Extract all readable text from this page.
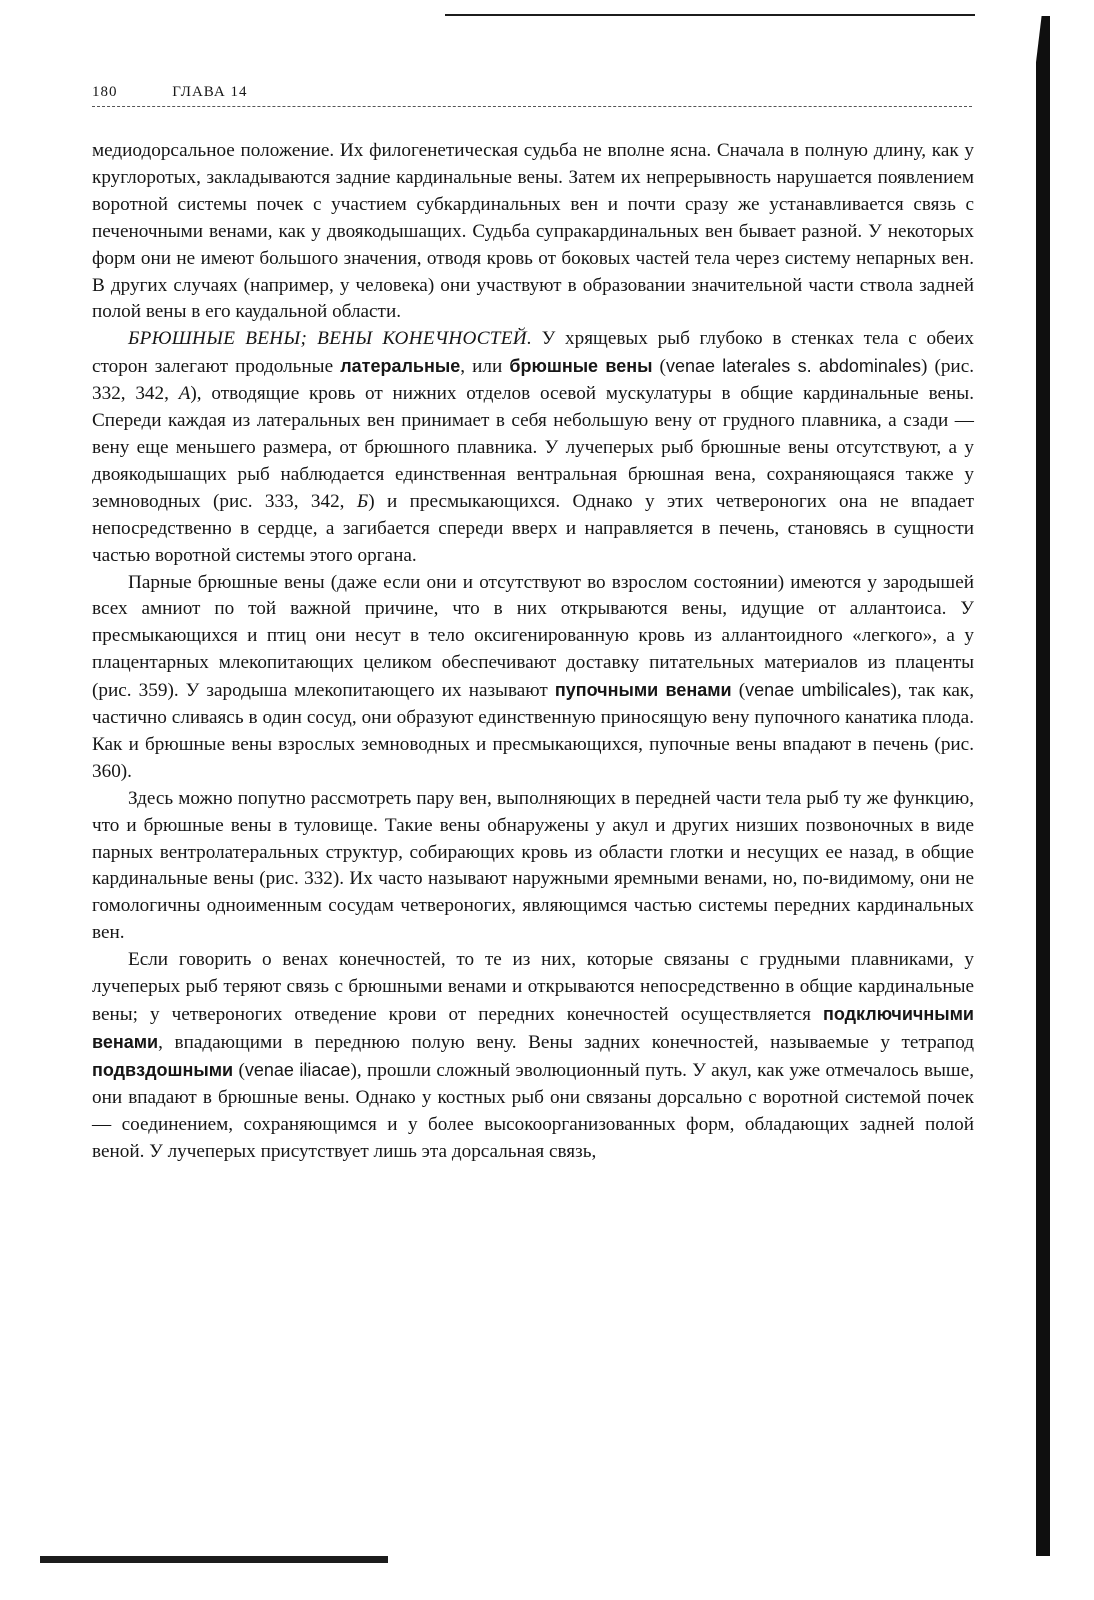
180	ГЛАВА 14

медиодорсальное положение. Их филогенетическая судьба не вполне ясна. Сначала в полную длину, как у круглоротых, закладываются задние кардинальные вены. Затем их непрерывность нарушается появлением воротной системы почек с участием субкардинальных вен и почти сразу же устанавливается связь с печеночными венами, как у двоякодышащих. Судьба супракардинальных вен бывает разной. У некоторых форм они не имеют большого значения, отводя кровь от боковых частей тела через систему непарных вен. В других случаях (например, у человека) они участвуют в образовании значительной части ствола задней полой вены в его каудальной области.

БРЮШНЫЕ ВЕНЫ; ВЕНЫ КОНЕЧНОСТЕЙ. У хрящевых рыб глубоко в стенках тела с обеих сторон залегают продольные латеральные, или брюшные вены (venae laterales s. abdominales) (рис. 332, 342, А), отводящие кровь от нижних отделов осевой мускулатуры в общие кардинальные вены. Спереди каждая из латеральных вен принимает в себя небольшую вену от грудного плавника, а сзади — вену еще меньшего размера, от брюшного плавника. У лучеперых рыб брюшные вены отсутствуют, а у двоякодышащих рыб наблюдается единственная вентральная брюшная вена, сохраняющаяся также у земноводных (рис. 333, 342, Б) и пресмыкающихся. Однако у этих четвероногих она не впадает непосредственно в сердце, а загибается спереди вверх и направляется в печень, становясь в сущности частью воротной системы этого органа.

Парные брюшные вены (даже если они и отсутствуют во взрослом состоянии) имеются у зародышей всех амниот по той важной причине, что в них открываются вены, идущие от аллантоиса. У пресмыкающихся и птиц они несут в тело оксигенированную кровь из аллантоидного «легкого», а у плацентарных млекопитающих целиком обеспечивают доставку питательных материалов из плаценты (рис. 359). У зародыша млекопитающего их называют пупочными венами (venae umbilicales), так как, частично сливаясь в один сосуд, они образуют единственную приносящую вену пупочного канатика плода. Как и брюшные вены взрослых земноводных и пресмыкающихся, пупочные вены впадают в печень (рис. 360).

Здесь можно попутно рассмотреть пару вен, выполняющих в передней части тела рыб ту же функцию, что и брюшные вены в туловище. Такие вены обнаружены у акул и других низших позвоночных в виде парных вентролатеральных структур, собирающих кровь из области глотки и несущих ее назад, в общие кардинальные вены (рис. 332). Их часто называют наружными яремными венами, но, по-видимому, они не гомологичны одноименным сосудам четвероногих, являющимся частью системы передних кардинальных вен.

Если говорить о венах конечностей, то те из них, которые связаны с грудными плавниками, у лучеперых рыб теряют связь с брюшными венами и открываются непосредственно в общие кардинальные вены; у четвероногих отведение крови от передних конечностей осуществляется подключичными венами, впадающими в переднюю полую вену. Вены задних конечностей, называемые у тетрапод подвздошными (venae iliacae), прошли сложный эволюционный путь. У акул, как уже отмечалось выше, они впадают в брюшные вены. Однако у костных рыб они связаны дорсально с воротной системой почек — соединением, сохраняющимся и у более высокоорганизованных форм, обладающих задней полой веной. У лучеперых присутствует лишь эта дорсальная связь,
